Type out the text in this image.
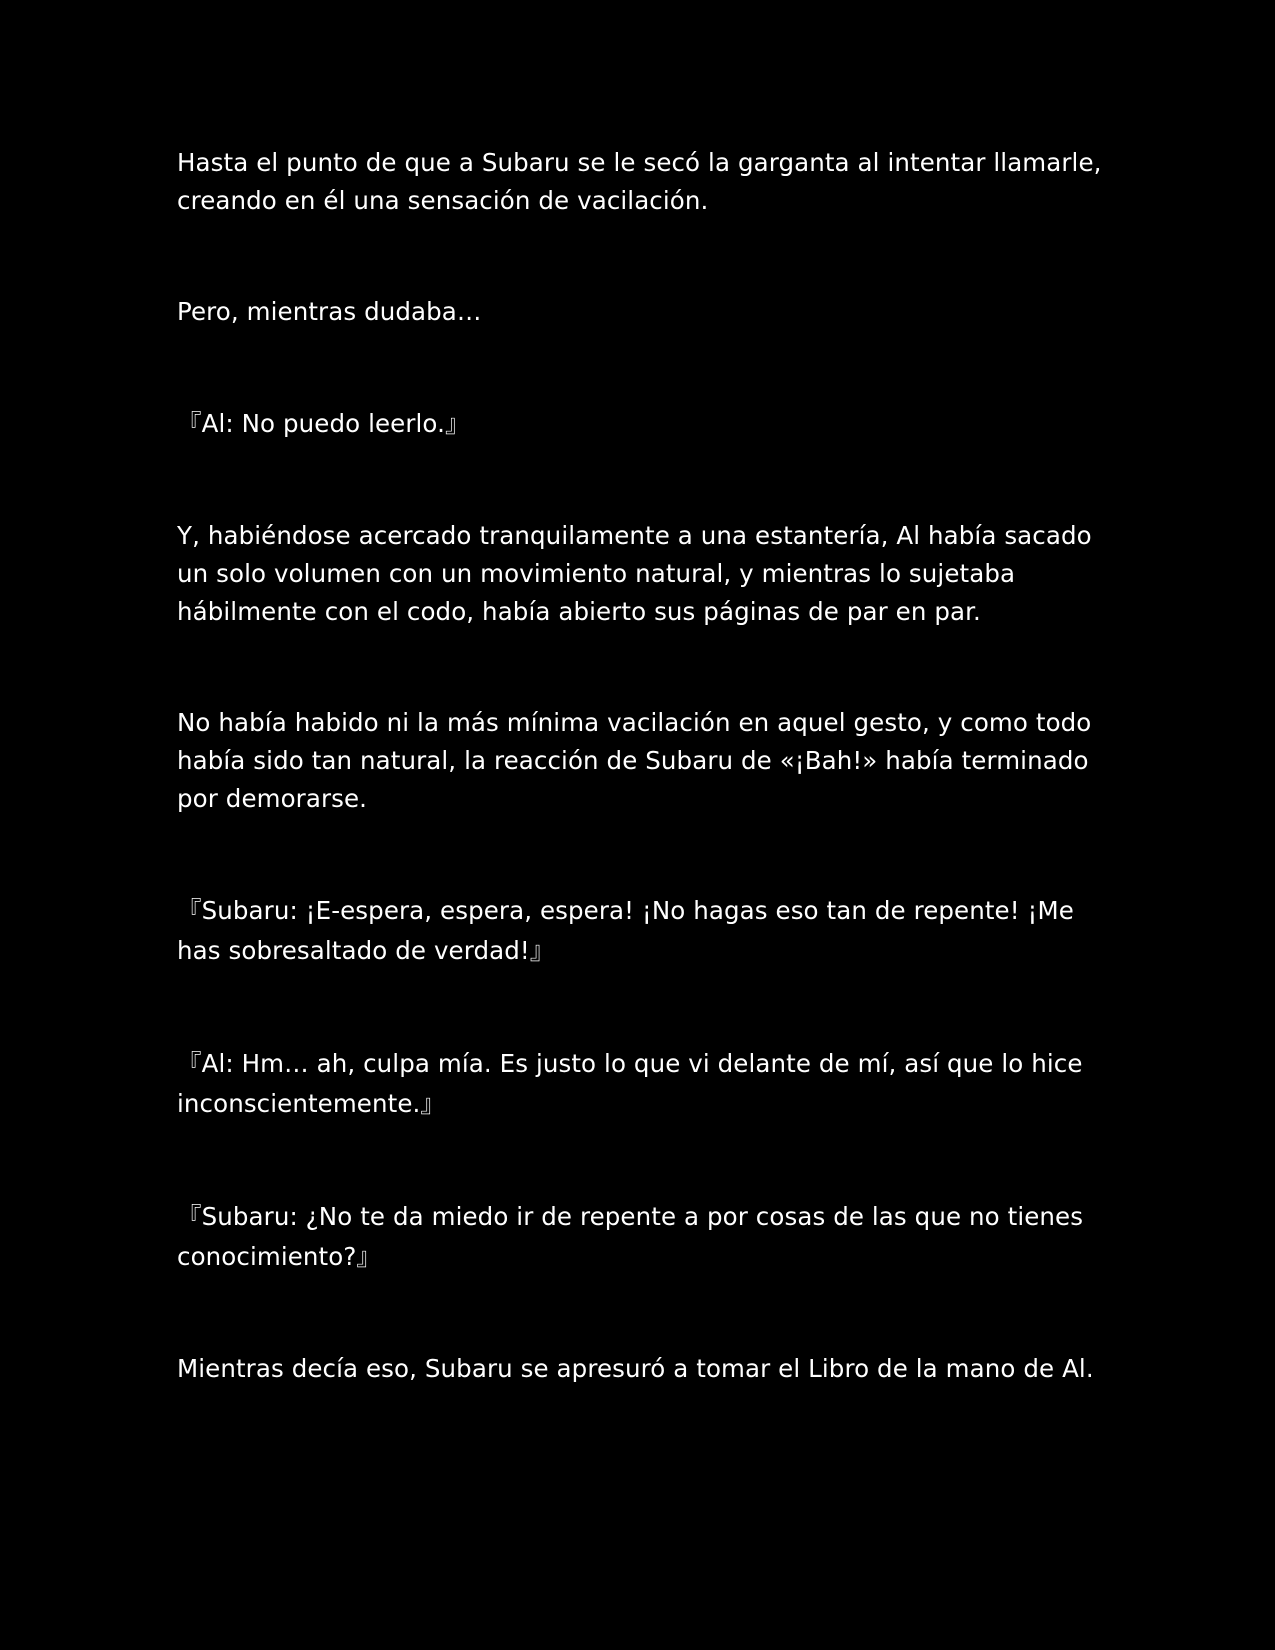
Hasta el punto de que a Subaru se le secó la garganta al intentar llamarle, creando en él una sensación de vacilación.

Pero, mientras dudaba…

『Al: No puedo leerlo.』

Y, habiéndose acercado tranquilamente a una estantería, Al había sacado un solo volumen con un movimiento natural, y mientras lo sujetaba hábilmente con el codo, había abierto sus páginas de par en par.

No había habido ni la más mínima vacilación en aquel gesto, y como todo había sido tan natural, la reacción de Subaru de «¡Bah!» había terminado por demorarse.

『Subaru: ¡E-espera, espera, espera! ¡No hagas eso tan de repente! ¡Me has sobresaltado de verdad!』

『Al: Hm… ah, culpa mía. Es justo lo que vi delante de mí, así que lo hice inconscientemente.』

『Subaru: ¿No te da miedo ir de repente a por cosas de las que no tienes conocimiento?』

Mientras decía eso, Subaru se apresuró a tomar el Libro de la mano de Al.
